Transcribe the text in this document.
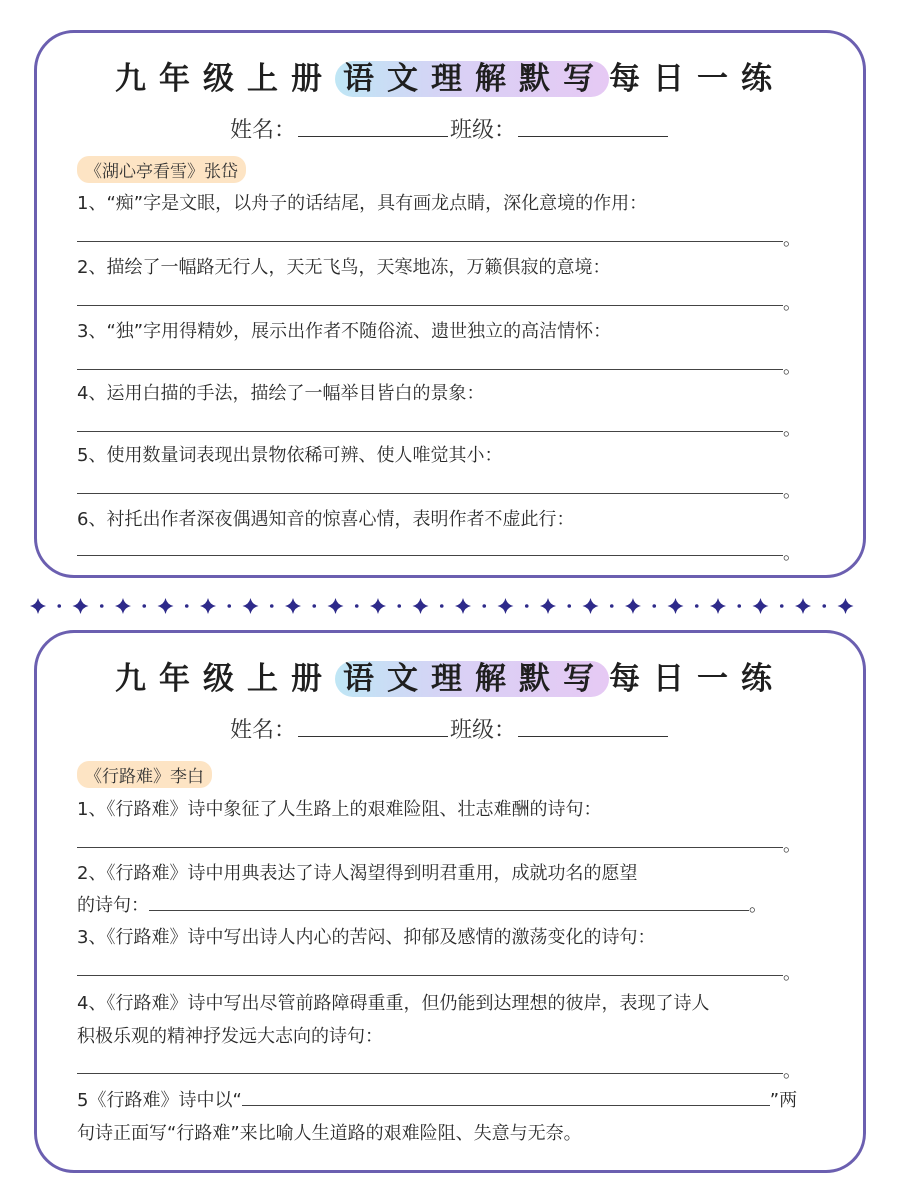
九年级上册 语文理解默写每日一练
姓名：	班级：
《湖心亭看雪》张岱
1、“痴”字是文眼，以舟子的话结尾，具有画龙点睛，深化意境的作用：
。
2、描绘了一幅路无行人，天无飞鸟，天寒地冻，万籁俱寂的意境：
。
3、“独”字用得精妙，展示出作者不随俗流、遗世独立的高洁情怀：
。
4、运用白描的手法，描绘了一幅举目皆白的景象：
。
5、使用数量词表现出景物依稀可辨、使人唯觉其小：
。
6、衬托出作者深夜偶遇知音的惊喜心情，表明作者不虚此行：
。
九年级上册 语文理解默写每日一练
姓名：	班级：
《行路难》李白
1、《行路难》诗中象征了人生路上的艰难险阻、壮志难酬的诗句：
。
2、《行路难》诗中用典表达了诗人渴望得到明君重用，成就功名的愿望
的诗句：	。
3、《行路难》诗中写出诗人内心的苦闷、抑郁及感情的激荡变化的诗句：
。
4、《行路难》诗中写出尽管前路障碍重重，但仍能到达理想的彼岸，表现了诗人
积极乐观的精神抒发远大志向的诗句：
。
5《行路难》诗中以“	”两
句诗正面写“行路难”来比喻人生道路的艰难险阻、失意与无奈。
